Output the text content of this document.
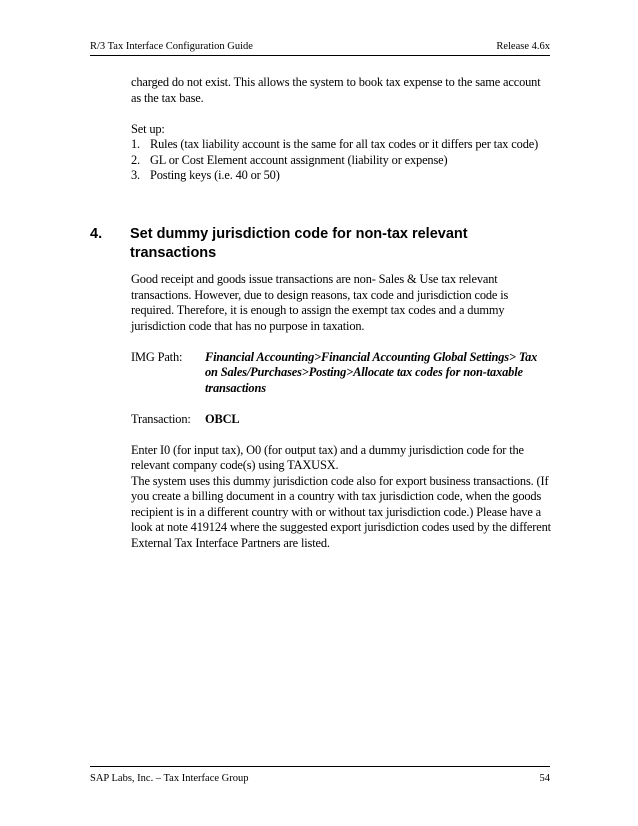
R/3 Tax Interface Configuration Guide	Release 4.6x

charged do not exist. This allows the system to book tax expense to the same account as the tax base.

Set up:

1. Rules (tax liability account is the same for all tax codes or it differs per tax code)
2. GL or Cost Element account assignment (liability or expense)
3. Posting keys (i.e. 40 or 50)
4. Set dummy jurisdiction code for non-tax relevant transactions

Good receipt and goods issue transactions are non- Sales & Use tax relevant transactions. However, due to design reasons, tax code and jurisdiction code is required. Therefore, it is enough to assign the exempt tax codes and a dummy jurisdiction code that has no purpose in taxation.

IMG Path: Financial Accounting>Financial Accounting Global Settings> Tax on Sales/Purchases>Posting>Allocate tax codes for non-taxable transactions
Transaction: OBCL

Enter I0 (for input tax), O0 (for output tax) and a dummy jurisdiction code for the relevant company code(s) using TAXUSX.

The system uses this dummy jurisdiction code also for export business transactions. (If you create a billing document in a country with tax jurisdiction code, when the goods recipient is in a different country with or without tax jurisdiction code.) Please have a look at note 419124 where the suggested export jurisdiction codes used by the different External Tax Interface Partners are listed.

SAP Labs, Inc. – Tax Interface Group	54
